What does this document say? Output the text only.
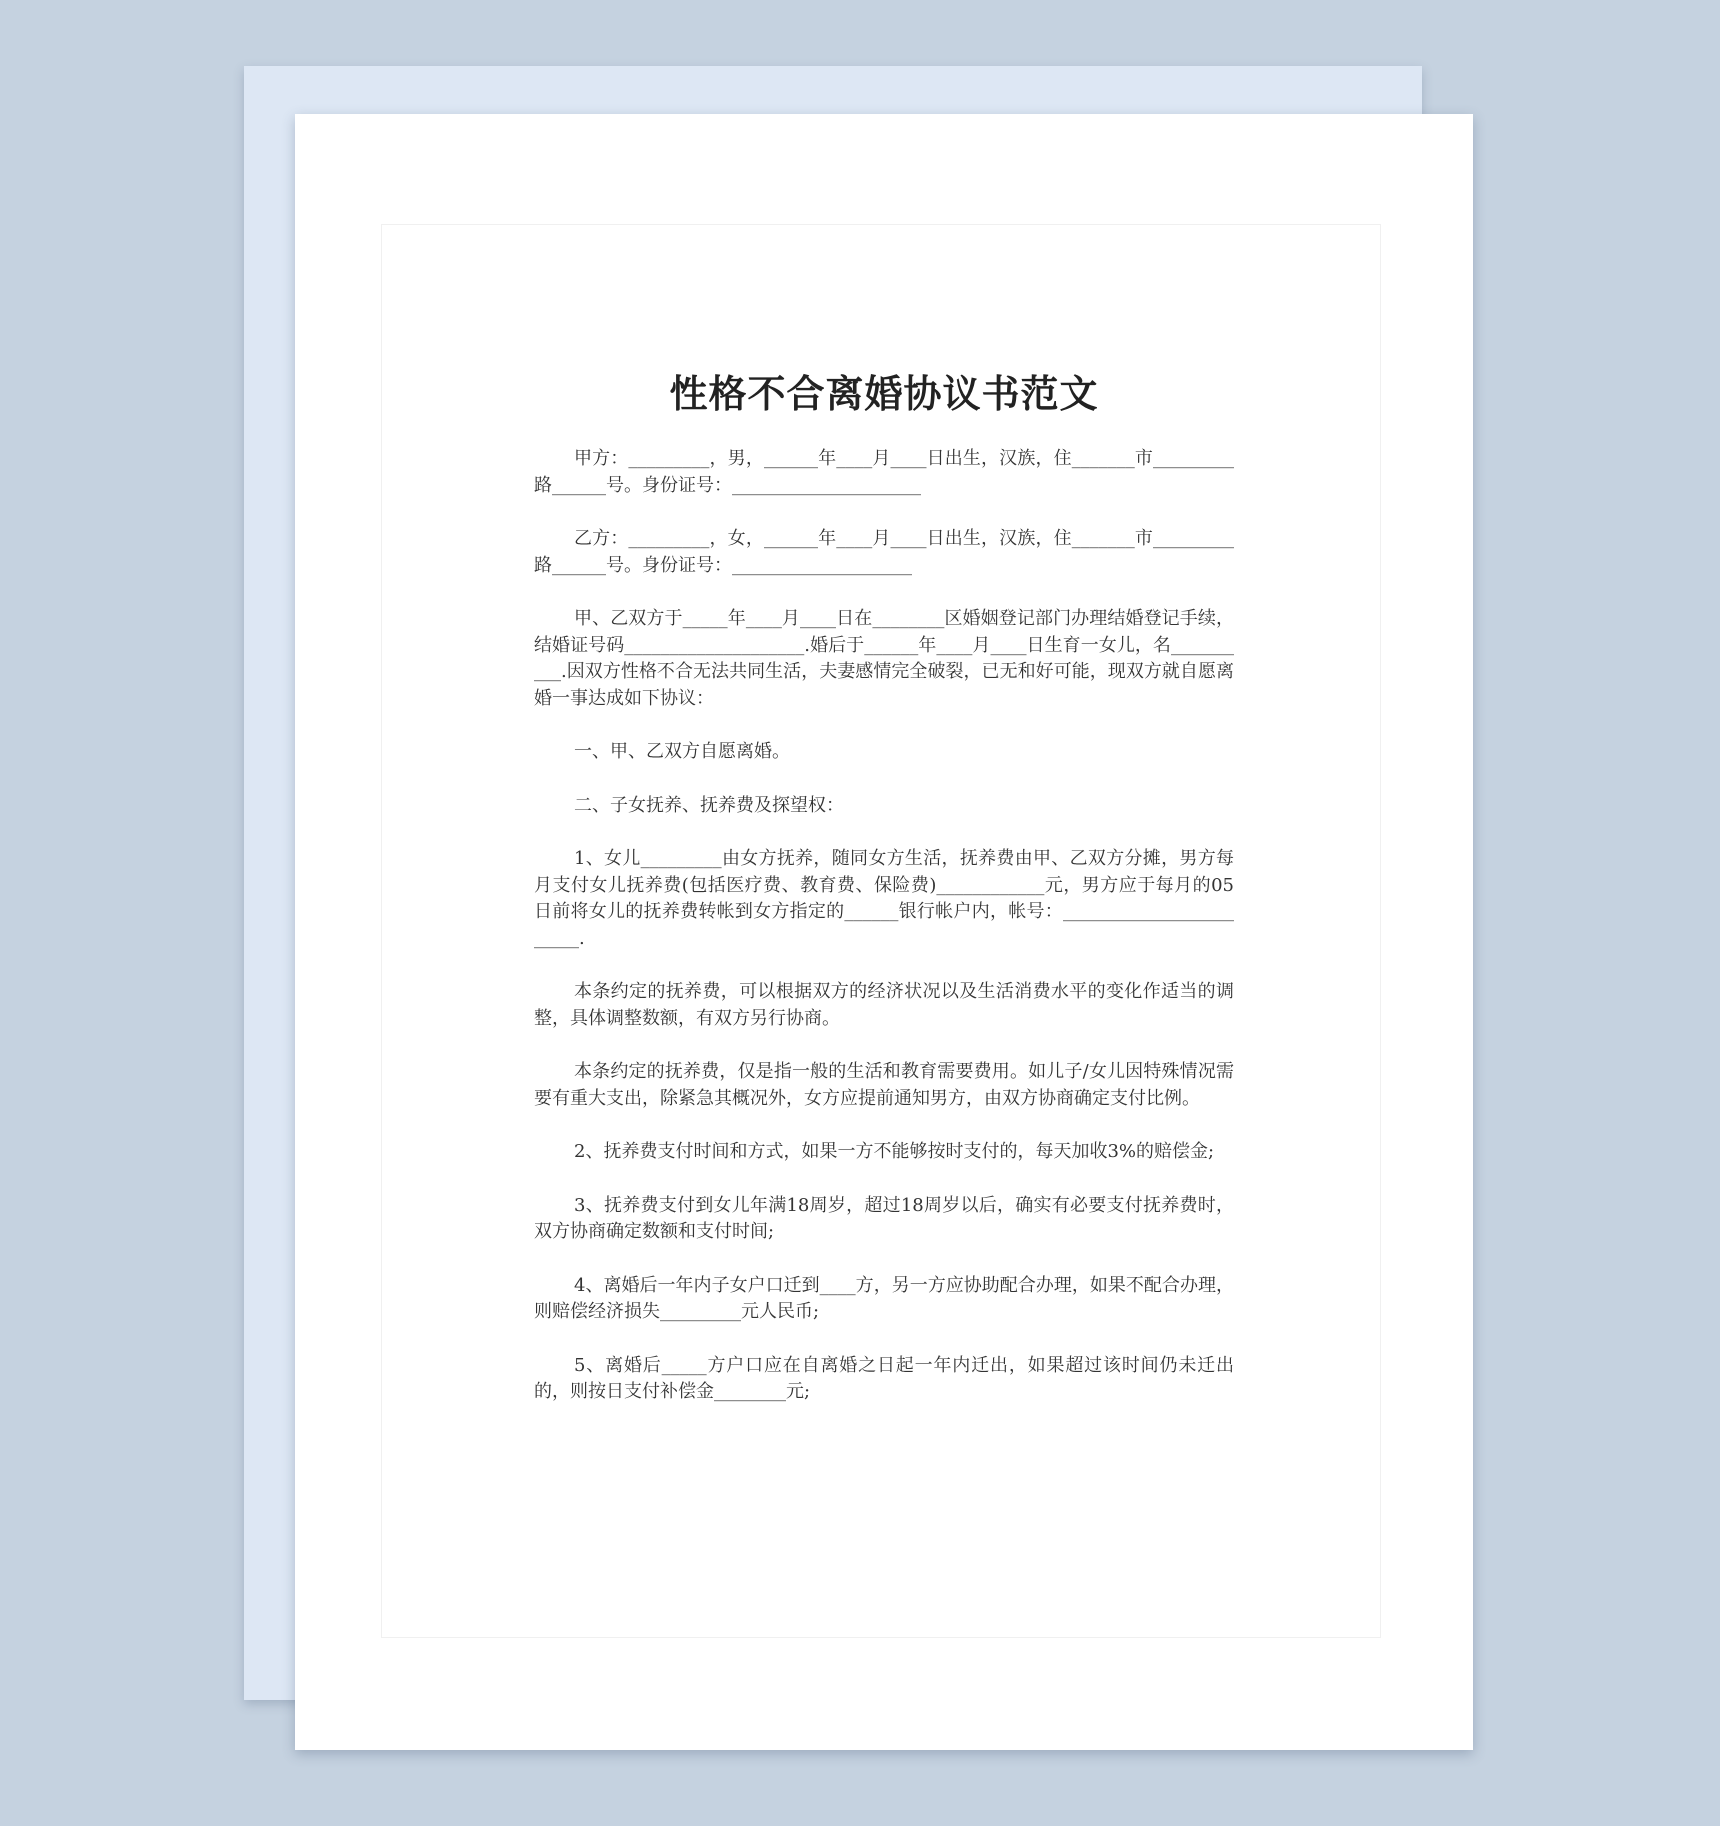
性格不合离婚协议书范文

甲方：_________，男，______年____月____日出生，汉族，住_______市_________路______号。身份证号：_____________________

乙方：_________，女，______年____月____日出生，汉族，住_______市_________路______号。身份证号：____________________

甲、乙双方于_____年____月____日在________区婚姻登记部门办理结婚登记手续，结婚证号码____________________.婚后于______年____月____日生育一女儿，名__________.因双方性格不合无法共同生活，夫妻感情完全破裂，已无和好可能，现双方就自愿离婚一事达成如下协议：

一、甲、乙双方自愿离婚。

二、子女抚养、抚养费及探望权：

1、女儿_________由女方抚养，随同女方生活，抚养费由甲、乙双方分摊，男方每月支付女儿抚养费(包括医疗费、教育费、保险费)____________元，男方应于每月的05日前将女儿的抚养费转帐到女方指定的______银行帐户内，帐号：________________________.

本条约定的抚养费，可以根据双方的经济状况以及生活消费水平的变化作适当的调整，具体调整数额，有双方另行协商。

本条约定的抚养费，仅是指一般的生活和教育需要费用。如儿子/女儿因特殊情况需要有重大支出，除紧急其概况外，女方应提前通知男方，由双方协商确定支付比例。

2、抚养费支付时间和方式，如果一方不能够按时支付的，每天加收3%的赔偿金;

3、抚养费支付到女儿年满18周岁，超过18周岁以后，确实有必要支付抚养费时，双方协商确定数额和支付时间;

4、离婚后一年内子女户口迁到____方，另一方应协助配合办理，如果不配合办理，则赔偿经济损失_________元人民币;

5、离婚后_____方户口应在自离婚之日起一年内迁出，如果超过该时间仍未迁出的，则按日支付补偿金________元;
